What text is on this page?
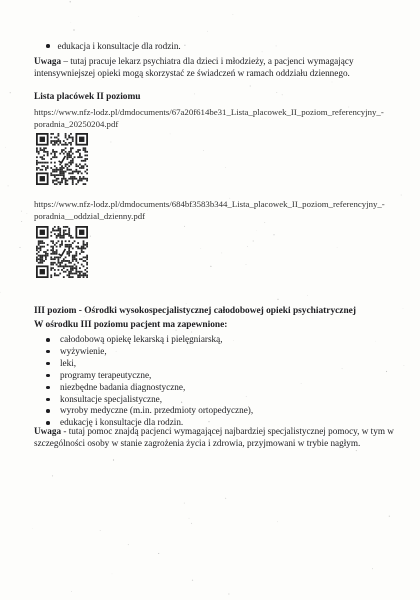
edukacja i konsultacje dla rodzin.
Uwaga – tutaj pracuje lekarz psychiatra dla dzieci i młodzieży, a pacjenci wymagający intensywniejszej opieki mogą skorzystać ze świadczeń w ramach oddziału dziennego.
Lista placówek II poziomu
https://www.nfz-lodz.pl/dmdocuments/67a20f614be31_Lista_placowek_II_poziom_referencyjny_-
poradnia_20250204.pdf
https://www.nfz-lodz.pl/dmdocuments/684bf3583b344_Lista_placowek_II_poziom_referencyjny_-
poradnia__oddzial_dzienny.pdf
III poziom - Ośrodki wysokospecjalistycznej całodobowej opieki psychiatrycznej
W ośrodku III poziomu pacjent ma zapewnione:
całodobową opiekę lekarską i pielęgniarską,
wyżywienie,
leki,
programy terapeutyczne,
niezbędne badania diagnostyczne,
konsultacje specjalistyczne,
wyroby medyczne (m.in. przedmioty ortopedyczne),
edukację i konsultacje dla rodzin.
Uwaga - tutaj pomoc znajdą pacjenci wymagającej najbardziej specjalistycznej pomocy, w tym w szczególności osoby w stanie zagrożenia życia i zdrowia, przyjmowani w trybie nagłym.
